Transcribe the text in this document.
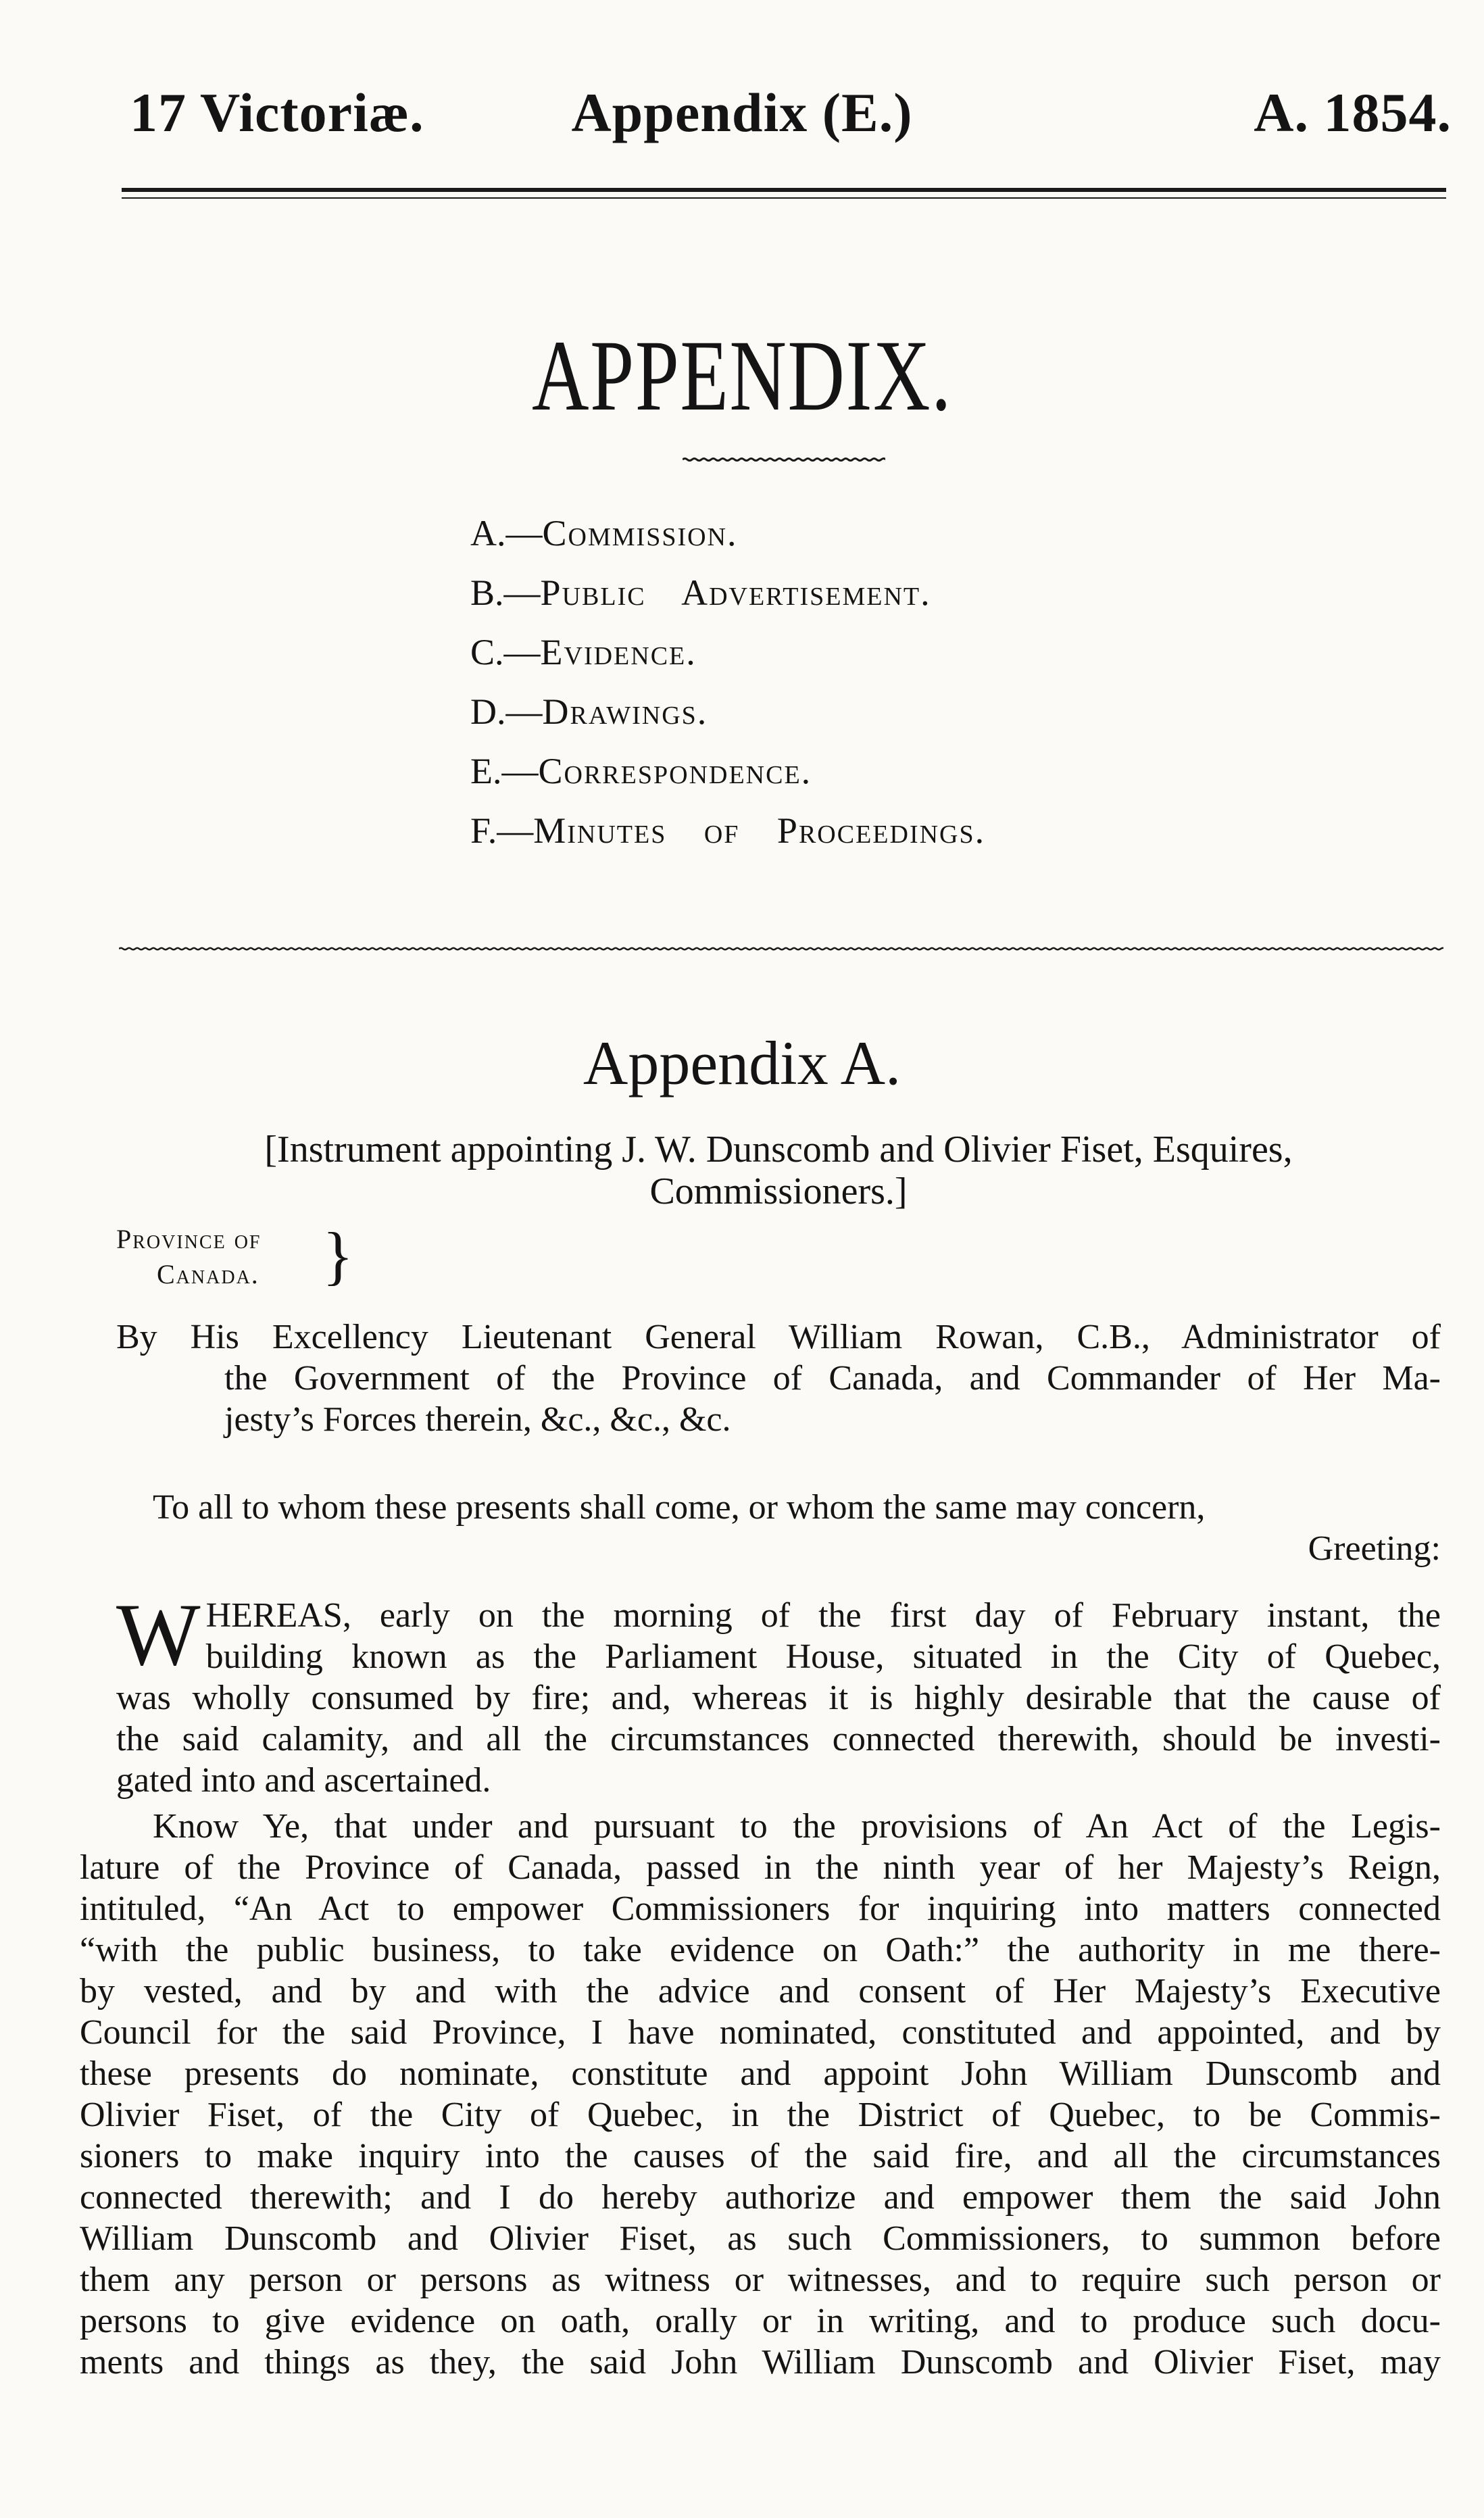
17 Victoriæ.	Appendix (E.)	A. 1854.
APPENDIX.
A.—Commission.
B.—Public Advertisement.
C.—Evidence.
D.—Drawings.
E.—Correspondence.
F.—Minutes of Proceedings.
Appendix A.
[Instrument appointing J. W. Dunscomb and Olivier Fiset, Esquires,
Commissioners.]
Province of
Canada. }
By His Excellency Lieutenant General William Rowan, C.B., Administrator of
the Government of the Province of Canada, and Commander of Her Ma-
jesty’s Forces therein, &c., &c., &c.
To all to whom these presents shall come, or whom the same may concern,
Greeting:
W HEREAS, early on the morning of the first day of February instant, the
building known as the Parliament House, situated in the City of Quebec,
was wholly consumed by fire; and, whereas it is highly desirable that the cause of
the said calamity, and all the circumstances connected therewith, should be investi-
gated into and ascertained.
Know Ye, that under and pursuant to the provisions of An Act of the Legis-
lature of the Province of Canada, passed in the ninth year of her Majesty’s Reign,
intituled, “An Act to empower Commissioners for inquiring into matters connected
“with the public business, to take evidence on Oath:” the authority in me there-
by vested, and by and with the advice and consent of Her Majesty’s Executive
Council for the said Province, I have nominated, constituted and appointed, and by
these presents do nominate, constitute and appoint John William Dunscomb and
Olivier Fiset, of the City of Quebec, in the District of Quebec, to be Commis-
sioners to make inquiry into the causes of the said fire, and all the circumstances
connected therewith; and I do hereby authorize and empower them the said John
William Dunscomb and Olivier Fiset, as such Commissioners, to summon before
them any person or persons as witness or witnesses, and to require such person or
persons to give evidence on oath, orally or in writing, and to produce such docu-
ments and things as they, the said John William Dunscomb and Olivier Fiset, may
